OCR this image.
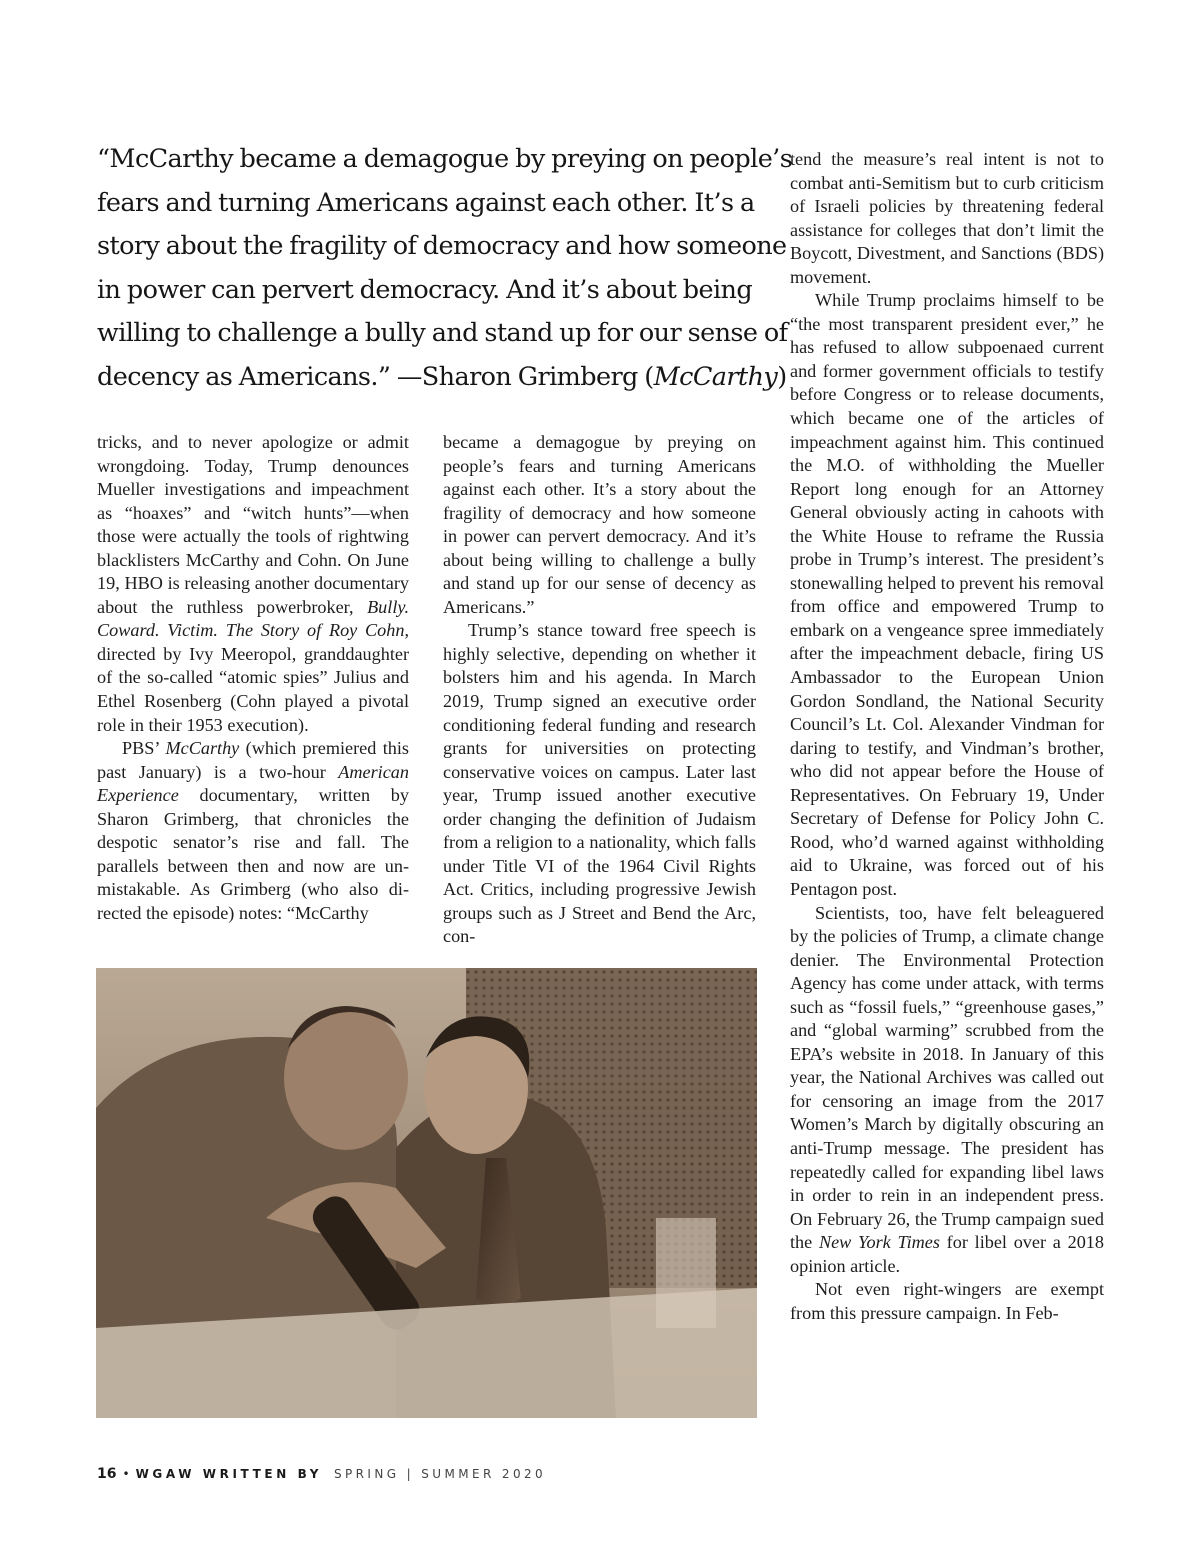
“McCarthy became a demagogue by preying on people’s
fears and turning Americans against each other. It’s a
story about the fragility of democracy and how someone
in power can pervert democracy. And it’s about being
willing to challenge a bully and stand up for our sense of
decency as Americans.” —Sharon Grimberg (McCarthy)

tricks, and to never apologize or admit wrongdoing. Today, Trump denounces Mueller investigations and impeachment as “hoaxes” and “witch hunts”—when those were actually the tools of rightwing blacklisters McCarthy and Cohn. On June 19, HBO is releasing another documentary about the ruthless powerbroker, Bully. Coward. Victim. The Story of Roy Cohn, directed by Ivy Meeropol, granddaughter of the so-called “atomic spies” Julius and Ethel Rosenberg (Cohn played a pivotal role in their 1953 execution).

PBS’ McCarthy (which premiered this past January) is a two-hour American Experience documentary, written by Sharon Grimberg, that chronicles the despotic senator’s rise and fall. The parallels between then and now are unmistakable. As Grimberg (who also directed the episode) notes: “McCarthy

became a demagogue by preying on people’s fears and turning Americans against each other. It’s a story about the fragility of democracy and how someone in power can pervert democracy. And it’s about being willing to challenge a bully and stand up for our sense of decency as Americans.”

Trump’s stance toward free speech is highly selective, depending on whether it bolsters him and his agenda. In March 2019, Trump signed an executive order conditioning federal funding and research grants for universities on protecting conservative voices on campus. Later last year, Trump issued another executive order changing the definition of Judaism from a religion to a nationality, which falls under Title VI of the 1964 Civil Rights Act. Critics, including progressive Jewish groups such as J Street and Bend the Arc, con-

tend the measure’s real intent is not to combat anti-Semitism but to curb criticism of Israeli policies by threatening federal assistance for colleges that don’t limit the Boycott, Divestment, and Sanctions (BDS) movement.

While Trump proclaims himself to be “the most transparent president ever,” he has refused to allow subpoenaed current and former government officials to testify before Congress or to release documents, which became one of the articles of impeachment against him. This continued the M.O. of withholding the Mueller Report long enough for an Attorney General obviously acting in cahoots with the White House to reframe the Russia probe in Trump’s interest. The president’s stonewalling helped to prevent his removal from office and empowered Trump to embark on a vengeance spree immediately after the impeachment debacle, firing US Ambassador to the European Union Gordon Sondland, the National Security Council’s Lt. Col. Alexander Vindman for daring to testify, and Vindman’s brother, who did not appear before the House of Representatives. On February 19, Under Secretary of Defense for Policy John C. Rood, who’d warned against withholding aid to Ukraine, was forced out of his Pentagon post.

Scientists, too, have felt beleaguered by the policies of Trump, a climate change denier. The Environmental Protection Agency has come under attack, with terms such as “fossil fuels,” “greenhouse gases,” and “global warming” scrubbed from the EPA’s website in 2018. In January of this year, the National Archives was called out for censoring an image from the 2017 Women’s March by digitally obscuring an anti-Trump message. The president has repeatedly called for expanding libel laws in order to rein in an independent press. On February 26, the Trump campaign sued the New York Times for libel over a 2018 opinion article.

Not even right-wingers are exempt from this pressure campaign. In Feb-

16 • WGAW WRITTEN BY SPRING | SUMMER 2020
